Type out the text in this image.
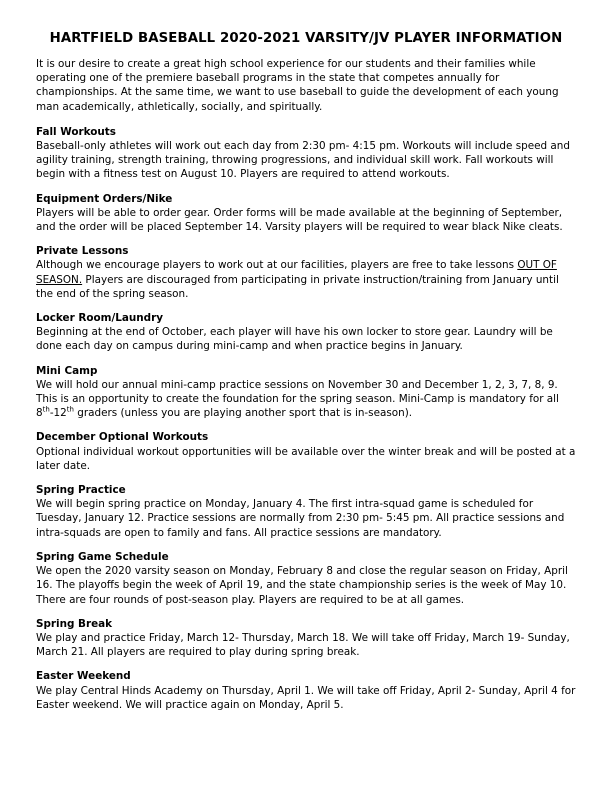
HARTFIELD BASEBALL 2020-2021 VARSITY/JV PLAYER INFORMATION

It is our desire to create a great high school experience for our students and their families while operating one of the premiere baseball programs in the state that competes annually for championships. At the same time, we want to use baseball to guide the development of each young man academically, athletically, socially, and spiritually.

Fall Workouts

Baseball-only athletes will work out each day from 2:30 pm- 4:15 pm. Workouts will include speed and agility training, strength training, throwing progressions, and individual skill work. Fall workouts will begin with a fitness test on August 10. Players are required to attend workouts.

Equipment Orders/Nike

Players will be able to order gear. Order forms will be made available at the beginning of September, and the order will be placed September 14. Varsity players will be required to wear black Nike cleats.

Private Lessons

Although we encourage players to work out at our facilities, players are free to take lessons OUT OF SEASON. Players are discouraged from participating in private instruction/training from January until the end of the spring season.

Locker Room/Laundry

Beginning at the end of October, each player will have his own locker to store gear. Laundry will be done each day on campus during mini-camp and when practice begins in January.

Mini Camp

We will hold our annual mini-camp practice sessions on November 30 and December 1, 2, 3, 7, 8, 9. This is an opportunity to create the foundation for the spring season. Mini-Camp is mandatory for all 8th-12th graders (unless you are playing another sport that is in-season).

December Optional Workouts

Optional individual workout opportunities will be available over the winter break and will be posted at a later date.

Spring Practice

We will begin spring practice on Monday, January 4. The first intra-squad game is scheduled for Tuesday, January 12. Practice sessions are normally from 2:30 pm- 5:45 pm. All practice sessions and intra-squads are open to family and fans. All practice sessions are mandatory.

Spring Game Schedule

We open the 2020 varsity season on Monday, February 8 and close the regular season on Friday, April 16. The playoffs begin the week of April 19, and the state championship series is the week of May 10. There are four rounds of post-season play. Players are required to be at all games.

Spring Break

We play and practice Friday, March 12- Thursday, March 18. We will take off Friday, March 19- Sunday, March 21. All players are required to play during spring break.

Easter Weekend

We play Central Hinds Academy on Thursday, April 1. We will take off Friday, April 2- Sunday, April 4 for Easter weekend. We will practice again on Monday, April 5.
